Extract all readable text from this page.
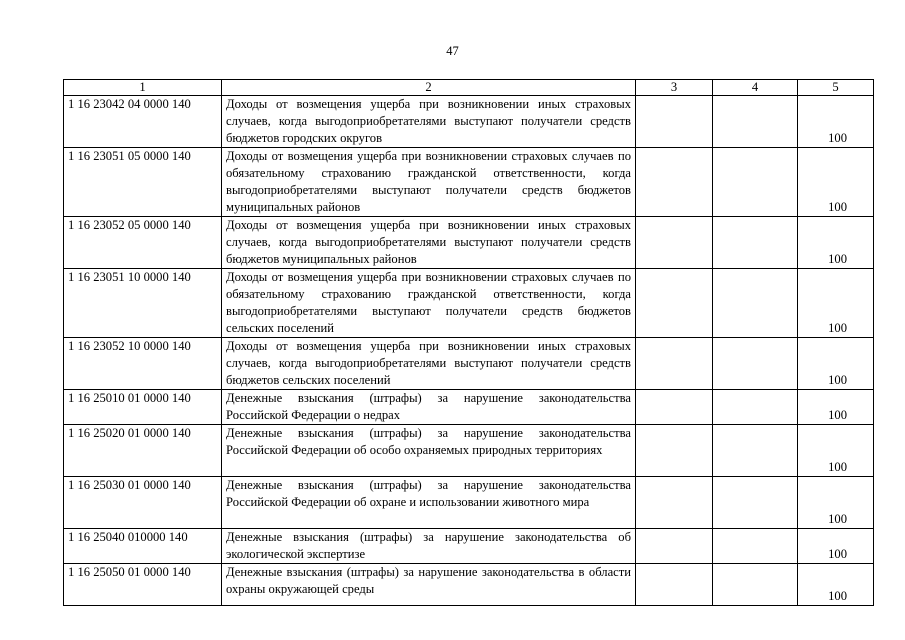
47
1	2	3	4	5
1 16 23042 04 0000 140	Доходы от возмещения ущерба при возникновении иных страховых случаев, когда выгодоприобретателями выступают получатели средств бюджетов городских округов			100
1 16 23051 05 0000 140	Доходы от возмещения ущерба при возникновении страховых случаев по обязательному страхованию гражданской ответственности, когда выгодоприобретателями выступают получатели средств бюджетов муниципальных районов			100
1 16 23052 05 0000 140	Доходы от возмещения ущерба при возникновении иных страховых случаев, когда выгодоприобретателями выступают получатели средств бюджетов муниципальных районов			100
1 16 23051 10 0000 140	Доходы от возмещения ущерба при возникновении страховых случаев по обязательному страхованию гражданской ответственности, когда выгодоприобретателями выступают получатели средств бюджетов сельских поселений			100
1 16 23052 10 0000 140	Доходы от возмещения ущерба при возникновении иных страховых случаев, когда выгодоприобретателями выступают получатели средств бюджетов сельских поселений			100
1 16 25010 01 0000 140	Денежные взыскания (штрафы) за нарушение законодательства Российской Федерации о недрах			100
1 16 25020 01 0000 140	Денежные взыскания (штрафы) за нарушение законодательства Российской Федерации об особо охраняемых природных территориях			100
1 16 25030 01 0000 140	Денежные взыскания (штрафы) за нарушение законодательства Российской Федерации об охране и использовании животного мира			100
1 16 25040 010000 140	Денежные взыскания (штрафы) за нарушение законодательства об экологической экспертизе			100
1 16 25050 01 0000 140	Денежные взыскания (штрафы) за нарушение законодательства в области охраны окружающей среды			100
